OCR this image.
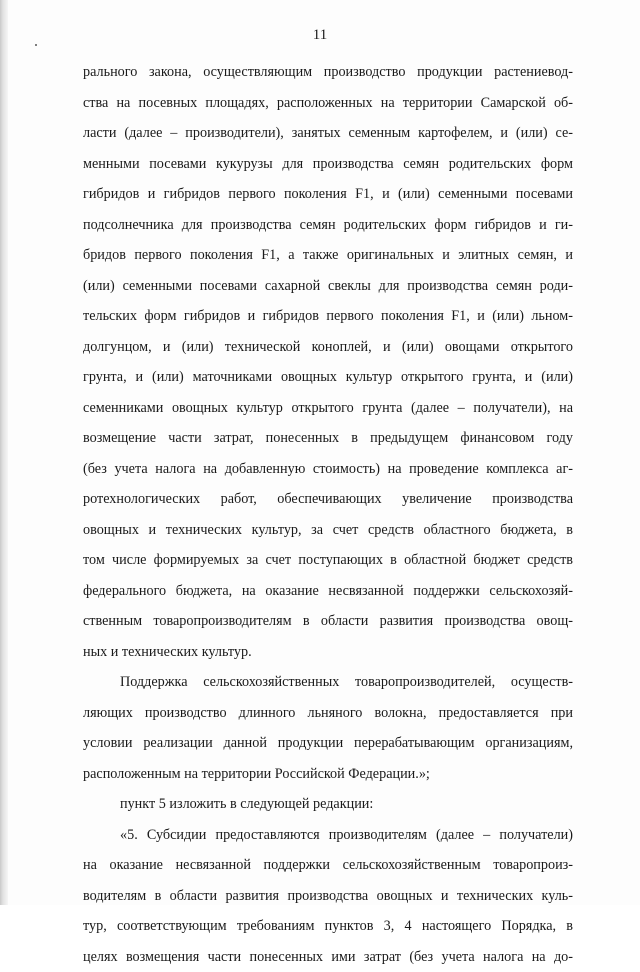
11

рального закона, осуществляющим производство продукции растениевод-
ства на посевных площадях, расположенных на территории Самарской об-
ласти (далее – производители), занятых семенным картофелем, и (или) се-
менными посевами кукурузы для производства семян родительских форм
гибридов и гибридов первого поколения F1, и (или) семенными посевами
подсолнечника для производства семян родительских форм гибридов и ги-
бридов первого поколения F1, а также оригинальных и элитных семян, и
(или) семенными посевами сахарной свеклы для производства семян роди-
тельских форм гибридов и гибридов первого поколения F1, и (или) льном-
долгунцом, и (или) технической коноплей, и (или) овощами открытого
грунта, и (или) маточниками овощных культур открытого грунта, и (или)
семенниками овощных культур открытого грунта (далее – получатели), на
возмещение части затрат, понесенных в предыдущем финансовом году
(без учета налога на добавленную стоимость) на проведение комплекса аг-
ротехнологических работ, обеспечивающих увеличение производства
овощных и технических культур, за счет средств областного бюджета, в
том числе формируемых за счет поступающих в областной бюджет средств
федерального бюджета, на оказание несвязанной поддержки сельскохозяй-
ственным товаропроизводителям в области развития производства овощ-
ных и технических культур.
Поддержка сельскохозяйственных товаропроизводителей, осуществ-
ляющих производство длинного льняного волокна, предоставляется при
условии реализации данной продукции перерабатывающим организациям,
расположенным на территории Российской Федерации.»;
пункт 5 изложить в следующей редакции:
«5. Субсидии предоставляются производителям (далее – получатели)
на оказание несвязанной поддержки сельскохозяйственным товаропроиз-
водителям в области развития производства овощных и технических куль-
тур, соответствующим требованиям пунктов 3, 4 настоящего Порядка, в
целях возмещения части понесенных ими затрат (без учета налога на до-
